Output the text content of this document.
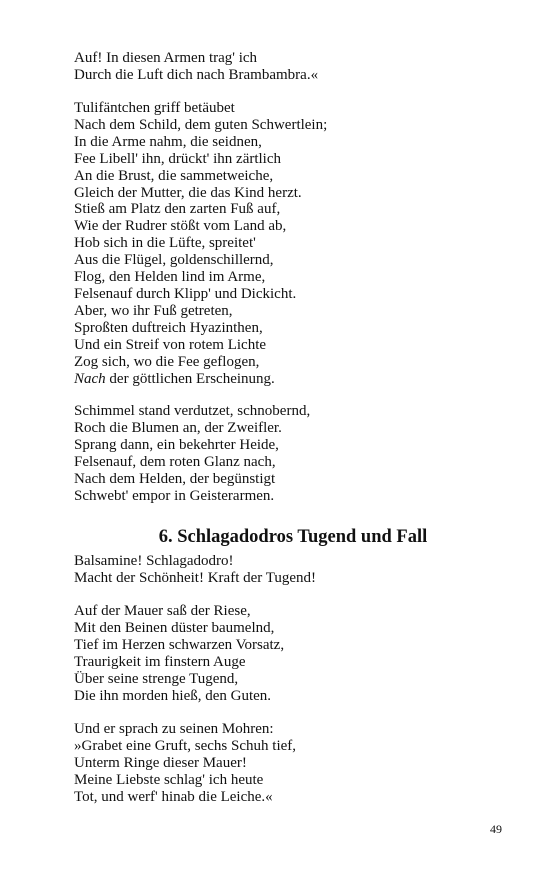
Auf! In diesen Armen trag' ich
Durch die Luft dich nach Brambambra.«
Tulifäntchen griff betäubet
Nach dem Schild, dem guten Schwertlein;
In die Arme nahm, die seidnen,
Fee Libell' ihn, drückt' ihn zärtlich
An die Brust, die sammetweiche,
Gleich der Mutter, die das Kind herzt.
Stieß am Platz den zarten Fuß auf,
Wie der Rudrer stößt vom Land ab,
Hob sich in die Lüfte, spreitet'
Aus die Flügel, goldenschillernd,
Flog, den Helden lind im Arme,
Felsenauf durch Klipp' und Dickicht.
Aber, wo ihr Fuß getreten,
Sproßten duftreich Hyazinthen,
Und ein Streif von rotem Lichte
Zog sich, wo die Fee geflogen,
Nach der göttlichen Erscheinung.
Schimmel stand verdutzet, schnobernd,
Roch die Blumen an, der Zweifler.
Sprang dann, ein bekehrter Heide,
Felsenauf, dem roten Glanz nach,
Nach dem Helden, der begünstigt
Schwebt' empor in Geisterarmen.
6. Schlagadodros Tugend und Fall
Balsamine! Schlagadodro!
Macht der Schönheit! Kraft der Tugend!
Auf der Mauer saß der Riese,
Mit den Beinen düster baumelnd,
Tief im Herzen schwarzen Vorsatz,
Traurigkeit im finstern Auge
Über seine strenge Tugend,
Die ihn morden hieß, den Guten.
Und er sprach zu seinen Mohren:
»Grabet eine Gruft, sechs Schuh tief,
Unterm Ringe dieser Mauer!
Meine Liebste schlag' ich heute
Tot, und werf' hinab die Leiche.«
49
